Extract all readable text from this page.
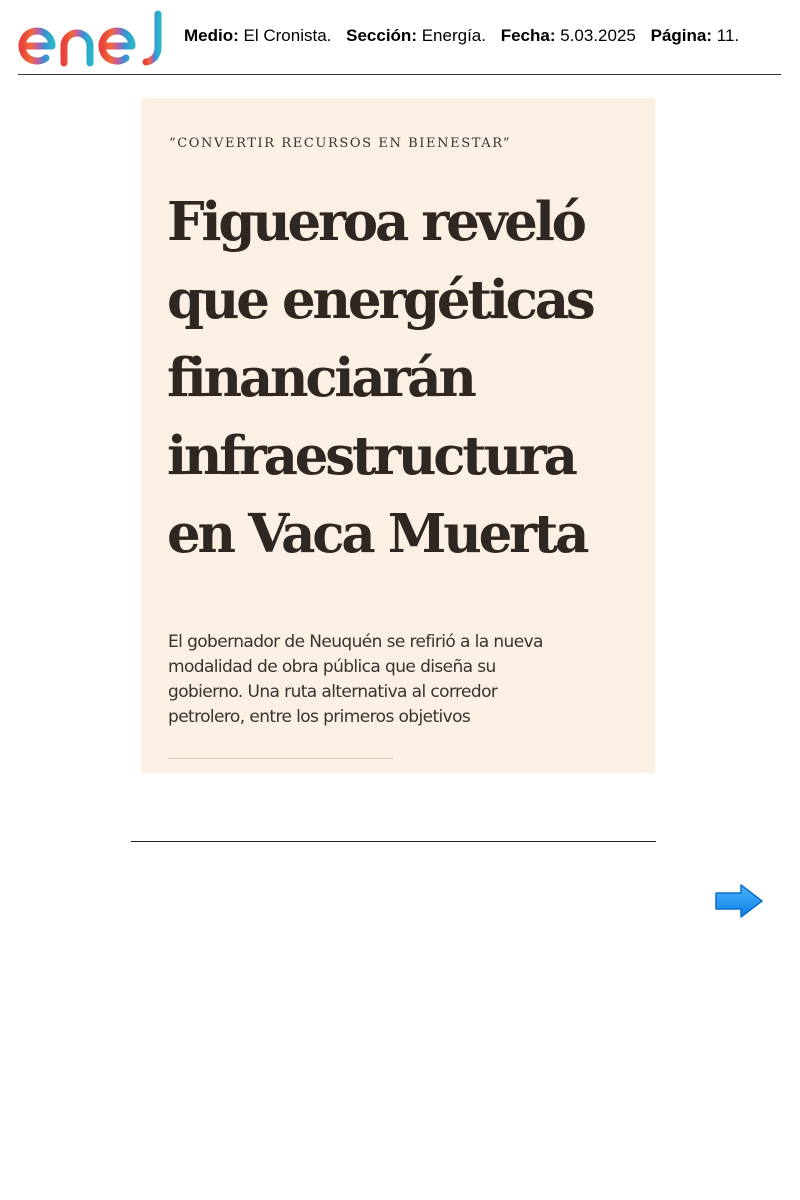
Medio: El Cronista. Sección: Energía. Fecha: 5.03.2025 Página: 11.
“CONVERTIR RECURSOS EN BIENESTAR”
Figueroa reveló
que energéticas
financiarán
infraestructura
en Vaca Muerta
El gobernador de Neuquén se refirió a la nueva
modalidad de obra pública que diseña su
gobierno. Una ruta alternativa al corredor
petrolero, entre los primeros objetivos
